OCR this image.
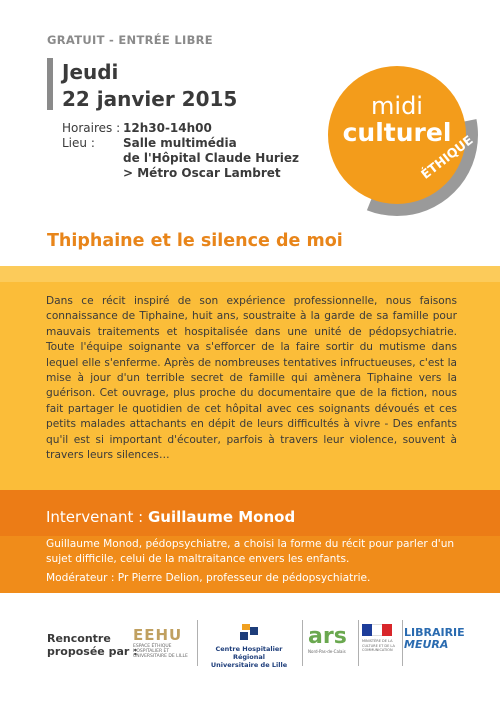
GRATUIT - ENTRÉE LIBRE
Jeudi
22 janvier 2015
Horaires : 12h30-14h00
Lieu : Salle multimédia
de l'Hôpital Claude Huriez
> Métro Oscar Lambret
midi
culturel
ÉTHIQUE
Thiphaine et le silence de moi
Dans ce récit inspiré de son expérience professionnelle, nous faisons connaissance de Tiphaine, huit ans, soustraite à la garde de sa famille pour mauvais traitements et hospitalisée dans une unité de pédopsychiatrie. Toute l'équipe soignante va s'efforcer de la faire sortir du mutisme dans lequel elle s'enferme. Après de nombreuses tentatives infructueuses, c'est la mise à jour d'un terrible secret de famille qui amènera Tiphaine vers la guérison. Cet ouvrage, plus proche du documentaire que de la fiction, nous fait partager le quotidien de cet hôpital avec ces soignants dévoués et ces petits malades attachants en dépit de leurs difficultés à vivre - Des enfants qu'il est si important d'écouter, parfois à travers leur violence, souvent à travers leurs silences…
Intervenant : Guillaume Monod
Guillaume Monod, pédopsychiatre, a choisi la forme du récit pour parler d'un sujet difficile, celui de la maltraitance envers les enfants.
Modérateur : Pr Pierre Delion, professeur de pédopsychiatrie.
Rencontre
proposée par :
EEHU
ESPACE ÉTHIQUE HOSPITALIER ET UNIVERSITAIRE DE LILLE
Centre Hospitalier Régional
Universitaire de Lille
ars
Nord-Pas-de-Calais
MINISTÈRE DE LA CULTURE ET DE LA COMMUNICATION
LIBRAIRIE
MEURA
